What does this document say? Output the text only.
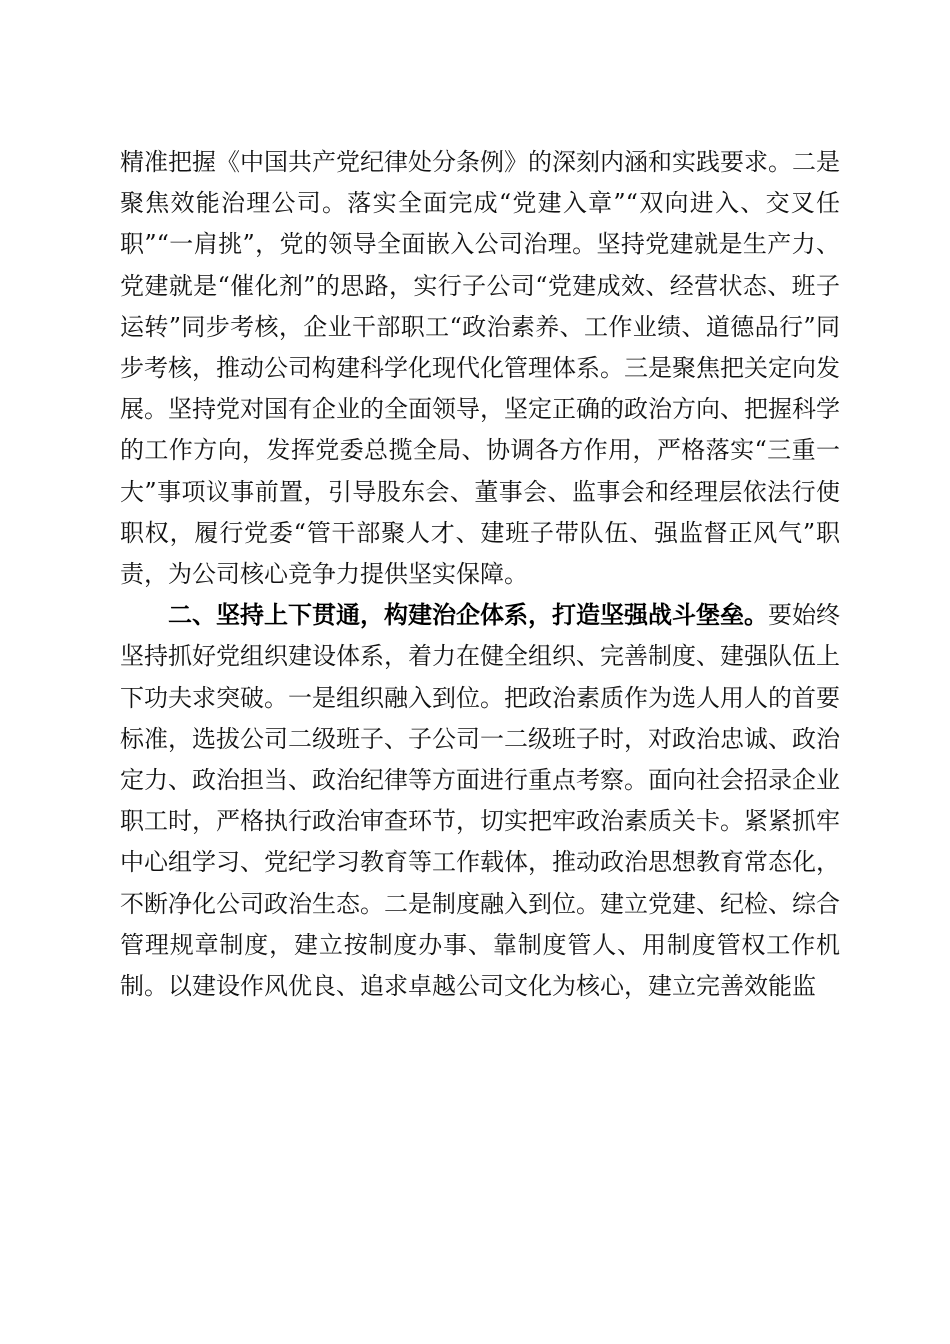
精准把握《中国共产党纪律处分条例》的深刻内涵和实践要求。二是聚焦效能治理公司。落实全面完成“党建入章”“双向进入、交叉任职”“一肩挑”，党的领导全面嵌入公司治理。坚持党建就是生产力、党建就是“催化剂”的思路，实行子公司“党建成效、经营状态、班子运转”同步考核，企业干部职工“政治素养、工作业绩、道德品行”同步考核，推动公司构建科学化现代化管理体系。三是聚焦把关定向发展。坚持党对国有企业的全面领导，坚定正确的政治方向、把握科学的工作方向，发挥党委总揽全局、协调各方作用，严格落实“三重一大”事项议事前置，引导股东会、董事会、监事会和经理层依法行使职权，履行党委“管干部聚人才、建班子带队伍、强监督正风气”职责，为公司核心竞争力提供坚实保障。

二、坚持上下贯通，构建治企体系，打造坚强战斗堡垒。要始终坚持抓好党组织建设体系，着力在健全组织、完善制度、建强队伍上下功夫求突破。一是组织融入到位。把政治素质作为选人用人的首要标准，选拔公司二级班子、子公司一二级班子时，对政治忠诚、政治定力、政治担当、政治纪律等方面进行重点考察。面向社会招录企业职工时，严格执行政治审查环节，切实把牢政治素质关卡。紧紧抓牢中心组学习、党纪学习教育等工作载体，推动政治思想教育常态化，不断净化公司政治生态。二是制度融入到位。建立党建、纪检、综合管理规章制度，建立按制度办事、靠制度管人、用制度管权工作机制。以建设作风优良、追求卓越公司文化为核心，建立完善效能监
